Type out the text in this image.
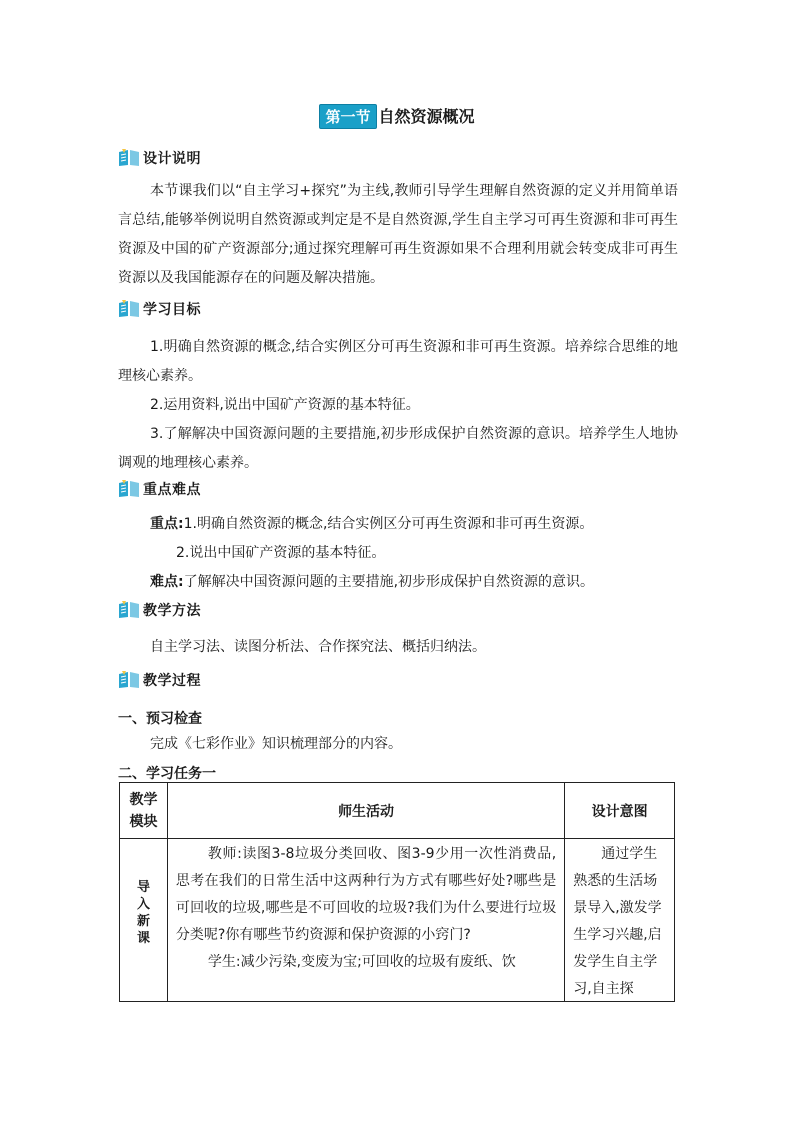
第一节 自然资源概况
设计说明

本节课我们以“自主学习+探究”为主线,教师引导学生理解自然资源的定义并用简单语言总结,能够举例说明自然资源或判定是不是自然资源,学生自主学习可再生资源和非可再生资源及中国的矿产资源部分;通过探究理解可再生资源如果不合理利用就会转变成非可再生资源以及我国能源存在的问题及解决措施。

学习目标

1.明确自然资源的概念,结合实例区分可再生资源和非可再生资源。培养综合思维的地理核心素养。

2.运用资料,说出中国矿产资源的基本特征。

3.了解解决中国资源问题的主要措施,初步形成保护自然资源的意识。培养学生人地协调观的地理核心素养。

重点难点

重点:1.明确自然资源的概念,结合实例区分可再生资源和非可再生资源。

2.说出中国矿产资源的基本特征。

难点:了解解决中国资源问题的主要措施,初步形成保护自然资源的意识。

教学方法

自主学习法、读图分析法、合作探究法、概括归纳法。

教学过程
一、预习检查

完成《七彩作业》知识梳理部分的内容。

二、学习任务一
教学模块	师生活动	设计意图

导入新课	教师:读图3-8垃圾分类回收、图3-9少用一次性消费品,思考在我们的日常生活中这两种行为方式有哪些好处?哪些是可回收的垃圾,哪些是不可回收的垃圾?我们为什么要进行垃圾分类呢?你有哪些节约资源和保护资源的小窍门?

学生:减少污染,变废为宝;可回收的垃圾有废纸、饮	通过学生熟悉的生活场景导入,激发学生学习兴趣,启发学生自主学习,自主探
